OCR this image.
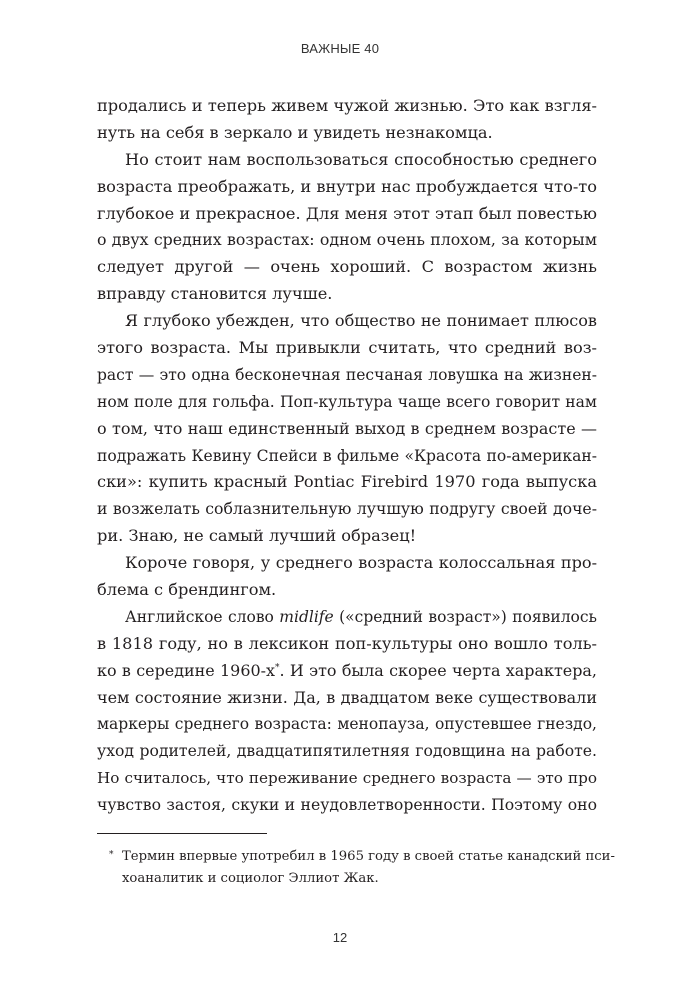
ВАЖНЫЕ 40
продались и теперь живем чужой жизнью. Это как взгля-
нуть на себя в зеркало и увидеть незнакомца.
Но стоит нам воспользоваться способностью среднего
возраста преображать, и внутри нас пробуждается что-то
глубокое и прекрасное. Для меня этот этап был повестью
о двух средних возрастах: одном очень плохом, за которым
следует другой — очень хороший. С возрастом жизнь
вправду становится лучше.
Я глубоко убежден, что общество не понимает плюсов
этого возраста. Мы привыкли считать, что средний воз-
раст — это одна бесконечная песчаная ловушка на жизнен-
ном поле для гольфа. Поп-культура чаще всего говорит нам
о том, что наш единственный выход в среднем возрасте —
подражать Кевину Спейси в фильме «Красота по-американ-
ски»: купить красный Pontiac Firebird 1970 года выпуска
и возжелать соблазнительную лучшую подругу своей доче-
ри. Знаю, не самый лучший образец!
Короче говоря, у среднего возраста колоссальная про-
блема с брендингом.
Английское слово midlife («средний возраст») появилось
в 1818 году, но в лексикон поп-культуры оно вошло толь-
ко в середине 1960-х*. И это была скорее черта характера,
чем состояние жизни. Да, в двадцатом веке существовали
маркеры среднего возраста: менопауза, опустевшее гнездо,
уход родителей, двадцатипятилетняя годовщина на работе.
Но считалось, что переживание среднего возраста — это про
чувство застоя, скуки и неудовлетворенности. Поэтому оно
* Термин впервые употребил в 1965 году в своей статье канадский пси-
хоаналитик и социолог Эллиот Жак.
12
